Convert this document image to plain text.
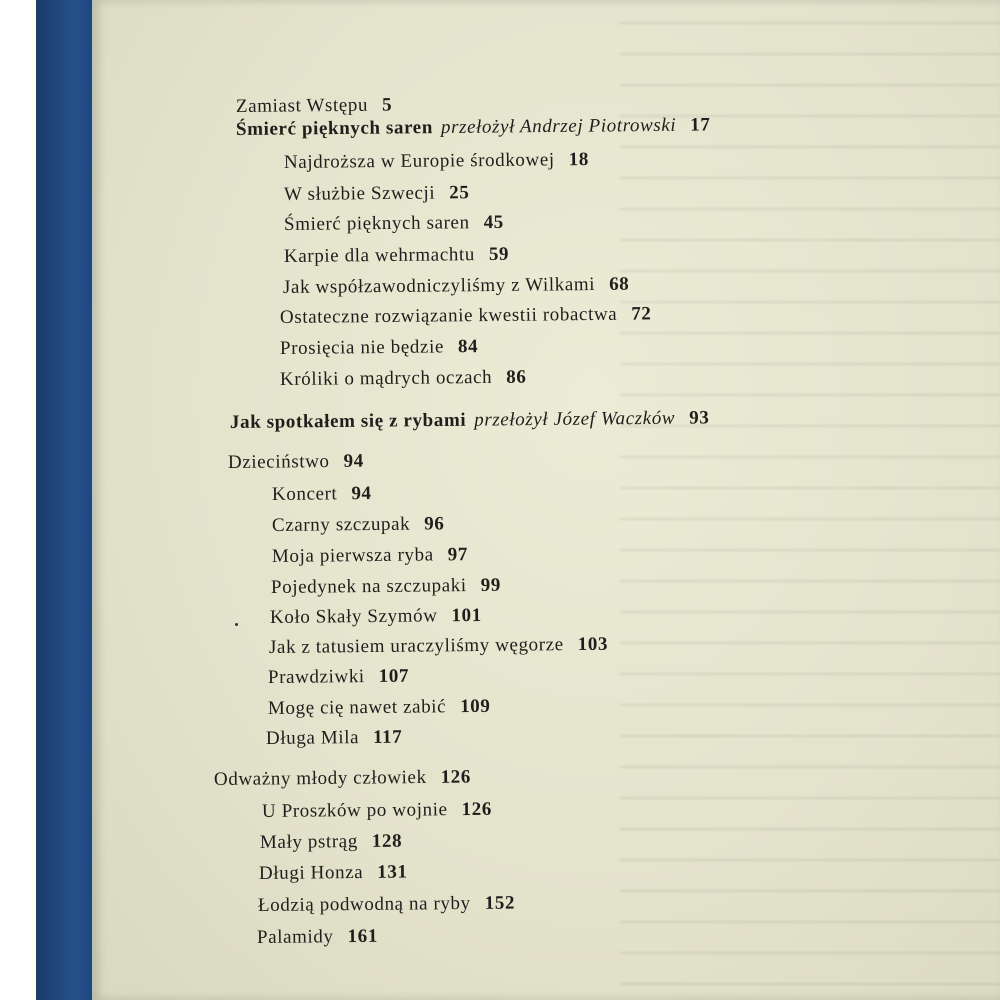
Zamiast Wstępu 5
Śmierć pięknych saren przełożył Andrzej Piotrowski 17
Najdroższa w Europie środkowej 18
W służbie Szwecji 25
Śmierć pięknych saren 45
Karpie dla wehrmachtu 59
Jak współzawodniczyliśmy z Wilkami 68
Ostateczne rozwiązanie kwestii robactwa 72
Prosięcia nie będzie 84
Króliki o mądrych oczach 86
Jak spotkałem się z rybami przełożył Józef Waczków 93
Dzieciństwo 94
Koncert 94
Czarny szczupak 96
Moja pierwsza ryba 97
Pojedynek na szczupaki 99
Koło Skały Szymów 101
Jak z tatusiem uraczyliśmy węgorze 103
Prawdziwki 107
Mogę cię nawet zabić 109
Długa Mila 117
Odważny młody człowiek 126
U Proszków po wojnie 126
Mały pstrąg 128
Długi Honza 131
Łodzią podwodną na ryby 152
Palamidy 161
